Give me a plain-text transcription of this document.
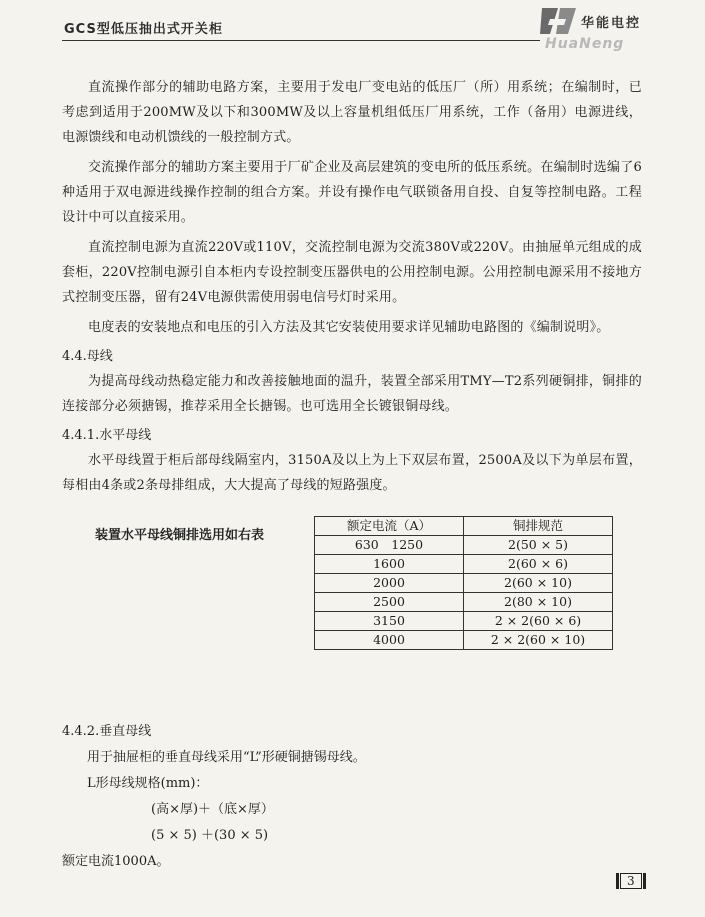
GCS型低压抽出式开关柜	华能电控
HuaNeng

直流操作部分的辅助电路方案，主要用于发电厂变电站的低压厂（所）用系统；在编制时，已考虑到适用于200MW及以下和300MW及以上容量机组低压厂用系统，工作（备用）电源进线，电源馈线和电动机馈线的一般控制方式。

交流操作部分的辅助方案主要用于厂矿企业及高层建筑的变电所的低压系统。在编制时选编了6种适用于双电源进线操作控制的组合方案。并设有操作电气联锁备用自投、自复等控制电路。工程设计中可以直接采用。

直流控制电源为直流220V或110V，交流控制电源为交流380V或220V。由抽屉单元组成的成套柜，220V控制电源引自本柜内专设控制变压器供电的公用控制电源。公用控制电源采用不接地方式控制变压器，留有24V电源供需使用弱电信号灯时采用。

电度表的安装地点和电压的引入方法及其它安装使用要求详见辅助电路图的《编制说明》。

4.4.母线

为提高母线动热稳定能力和改善接触地面的温升，装置全部采用TMY—T2系列硬铜排，铜排的连接部分必须搪锡，推荐采用全长搪锡。也可选用全长镀银铜母线。

4.4.1.水平母线

水平母线置于柜后部母线隔室内，3150A及以上为上下双层布置，2500A及以下为单层布置，每相由4条或2条母排组成，大大提高了母线的短路强度。

装置水平母线铜排选用如右表
额定电流（A）	铜排规范
630　1250	2(50 × 5)
1600	2(60 × 6)
2000	2(60 × 10)
2500	2(80 × 10)
3150	2 × 2(60 × 6)
4000	2 × 2(60 × 10)

4.4.2.垂直母线

用于抽屉柜的垂直母线采用“L”形硬铜搪锡母线。

L形母线规格(mm)：

(高×厚)＋（底×厚）

(5 × 5) ＋(30 × 5)

额定电流1000A。

3
